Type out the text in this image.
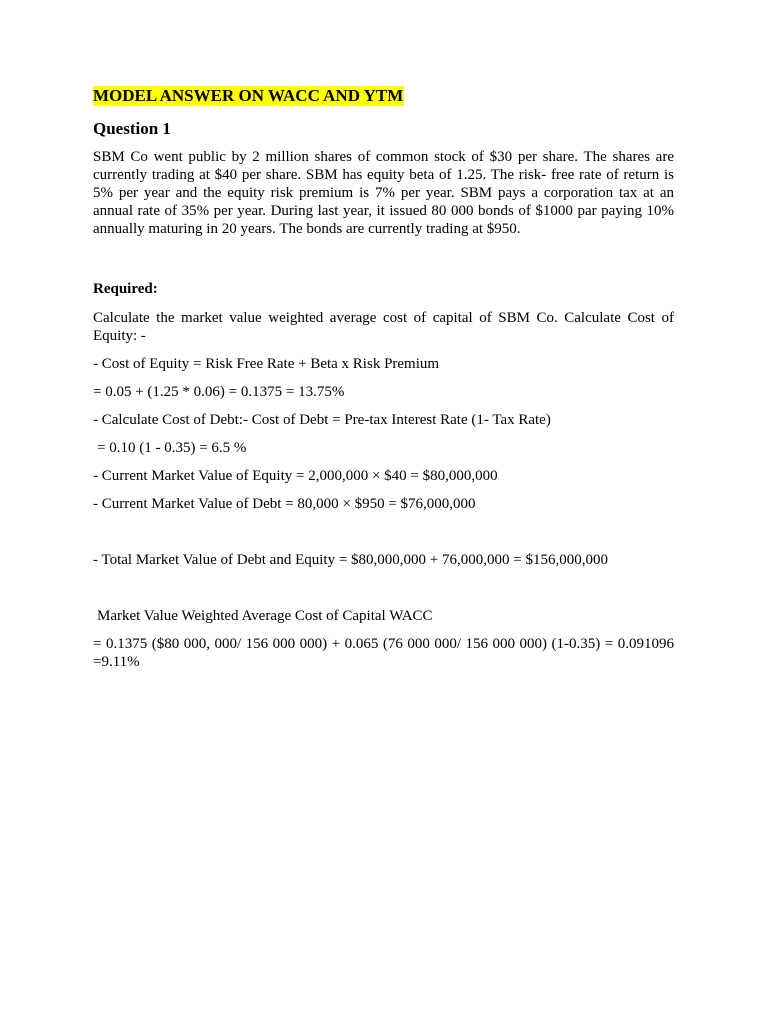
MODEL ANSWER ON WACC AND YTM
Question 1

SBM Co went public by 2 million shares of common stock of $30 per share. The shares are currently trading at $40 per share. SBM has equity beta of 1.25. The risk- free rate of return is 5% per year and the equity risk premium is 7% per year. SBM pays a corporation tax at an annual rate of 35% per year. During last year, it issued 80 000 bonds of $1000 par paying 10% annually maturing in 20 years. The bonds are currently trading at $950.

Required:

Calculate the market value weighted average cost of capital of SBM Co. Calculate Cost of Equity: -

- Cost of Equity = Risk Free Rate + Beta x Risk Premium

= 0.05 + (1.25 * 0.06) = 0.1375 = 13.75%

- Calculate Cost of Debt:- Cost of Debt = Pre-tax Interest Rate (1- Tax Rate)

= 0.10 (1 - 0.35) = 6.5 %

- Current Market Value of Equity = 2,000,000 × $40 = $80,000,000

- Current Market Value of Debt = 80,000 × $950 = $76,000,000

- Total Market Value of Debt and Equity = $80,000,000 + 76,000,000 = $156,000,000

Market Value Weighted Average Cost of Capital WACC

= 0.1375 ($80 000, 000/ 156 000 000) + 0.065 (76 000 000/ 156 000 000) (1-0.35) = 0.091096 =9.11%
